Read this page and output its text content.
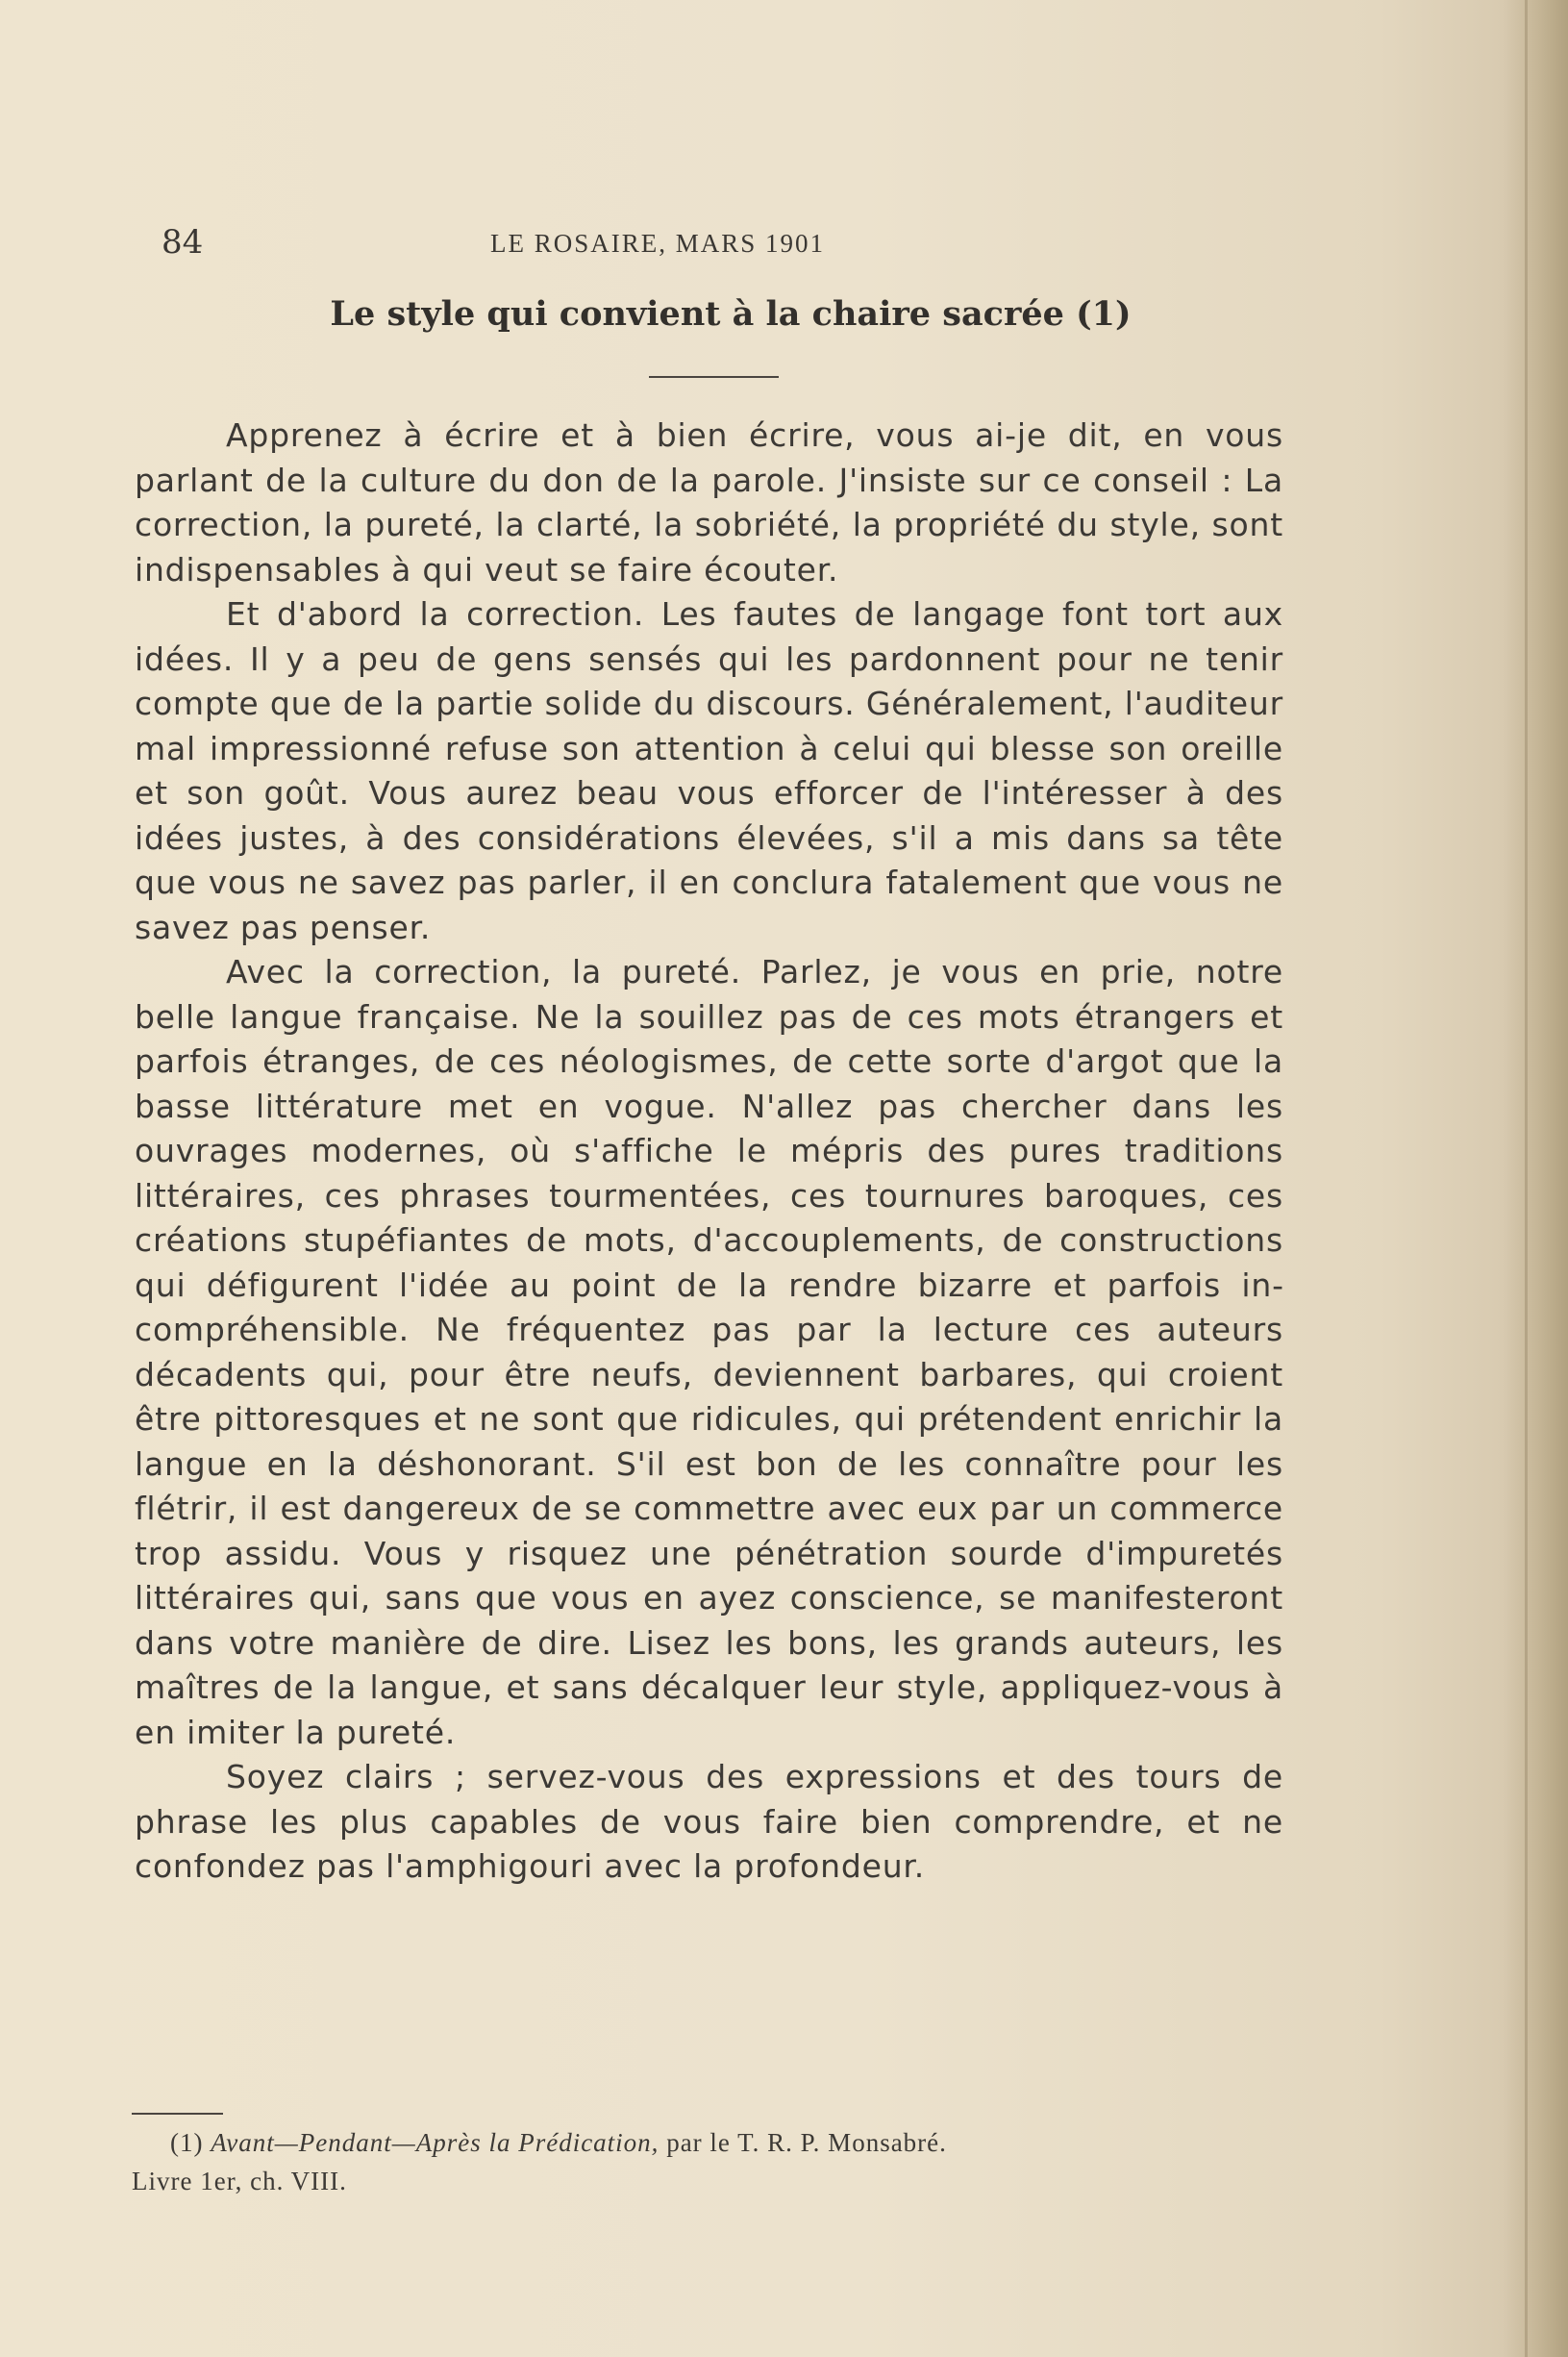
84	LE ROSAIRE, MARS 1901
Le style qui convient à la chaire sacrée (1)

Apprenez à écrire et à bien écrire, vous ai-je dit, en vous parlant de la culture du don de la parole. J'insiste sur ce conseil : La correction, la pureté, la clarté, la sobriété, la propriété du style, sont indispensables à qui veut se faire écouter.

Et d'abord la correction. Les fautes de langage font tort aux idées. Il y a peu de gens sensés qui les pardonnent pour ne tenir compte que de la partie solide du discours. Généralement, l'auditeur mal impressionné refuse son attention à celui qui blesse son oreille et son goût. Vous aurez beau vous efforcer de l'intéresser à des idées justes, à des considérations élevées, s'il a mis dans sa tête que vous ne savez pas parler, il en conclura fatalement que vous ne savez pas penser.

Avec la correction, la pureté. Parlez, je vous en prie, notre belle langue française. Ne la souillez pas de ces mots étrangers et parfois étranges, de ces néologismes, de cette sorte d'argot que la basse littérature met en vogue. N'allez pas chercher dans les ouvrages modernes, où s'affiche le mépris des pures traditions littéraires, ces phrases tourmentées, ces tournures baroques, ces créations stupéfiantes de mots, d'accouplements, de constructions qui défigurent l'idée au point de la rendre bizarre et parfois incompréhensible. Ne fréquentez pas par la lecture ces auteurs décadents qui, pour être neufs, deviennent barbares, qui croient être pittoresques et ne sont que ridicules, qui prétendent enrichir la langue en la déshonorant. S'il est bon de les connaître pour les flétrir, il est dangereux de se commettre avec eux par un commerce trop assidu. Vous y risquez une pénétration sourde d'impuretés littéraires qui, sans que vous en ayez conscience, se manifesteront dans votre manière de dire. Lisez les bons, les grands auteurs, les maîtres de la langue, et sans décalquer leur style, appliquez-vous à en imiter la pureté.

Soyez clairs ; servez-vous des expressions et des tours de phrase les plus capables de vous faire bien comprendre, et ne confondez pas l'amphigouri avec la profondeur.

(1) Avant—Pendant—Après la Prédication, par le T. R. P. Monsabré.
Livre 1er, ch. VIII.
